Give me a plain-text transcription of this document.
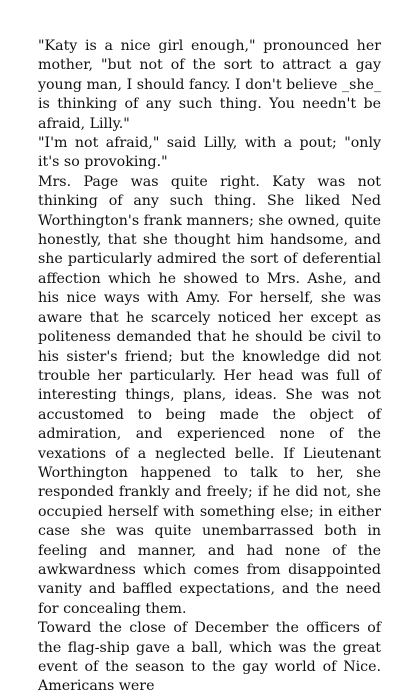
"Katy is a nice girl enough," pronounced her mother, "but not of the sort to attract a gay young man, I should fancy. I don't believe _she_ is thinking of any such thing. You needn't be afraid, Lilly."

"I'm not afraid," said Lilly, with a pout; "only it's so provoking."

Mrs. Page was quite right. Katy was not thinking of any such thing. She liked Ned Worthington's frank manners; she owned, quite honestly, that she thought him handsome, and she particularly admired the sort of deferential affection which he showed to Mrs. Ashe, and his nice ways with Amy. For herself, she was aware that he scarcely noticed her except as politeness demanded that he should be civil to his sister's friend; but the knowledge did not trouble her particularly. Her head was full of interesting things, plans, ideas. She was not accustomed to being made the object of admiration, and experienced none of the vexations of a neglected belle. If Lieutenant Worthington happened to talk to her, she responded frankly and freely; if he did not, she occupied herself with something else; in either case she was quite unembarrassed both in feeling and manner, and had none of the awkwardness which comes from disappointed vanity and baffled expectations, and the need for concealing them.

Toward the close of December the officers of the flag-ship gave a ball, which was the great event of the season to the gay world of Nice. Americans were
